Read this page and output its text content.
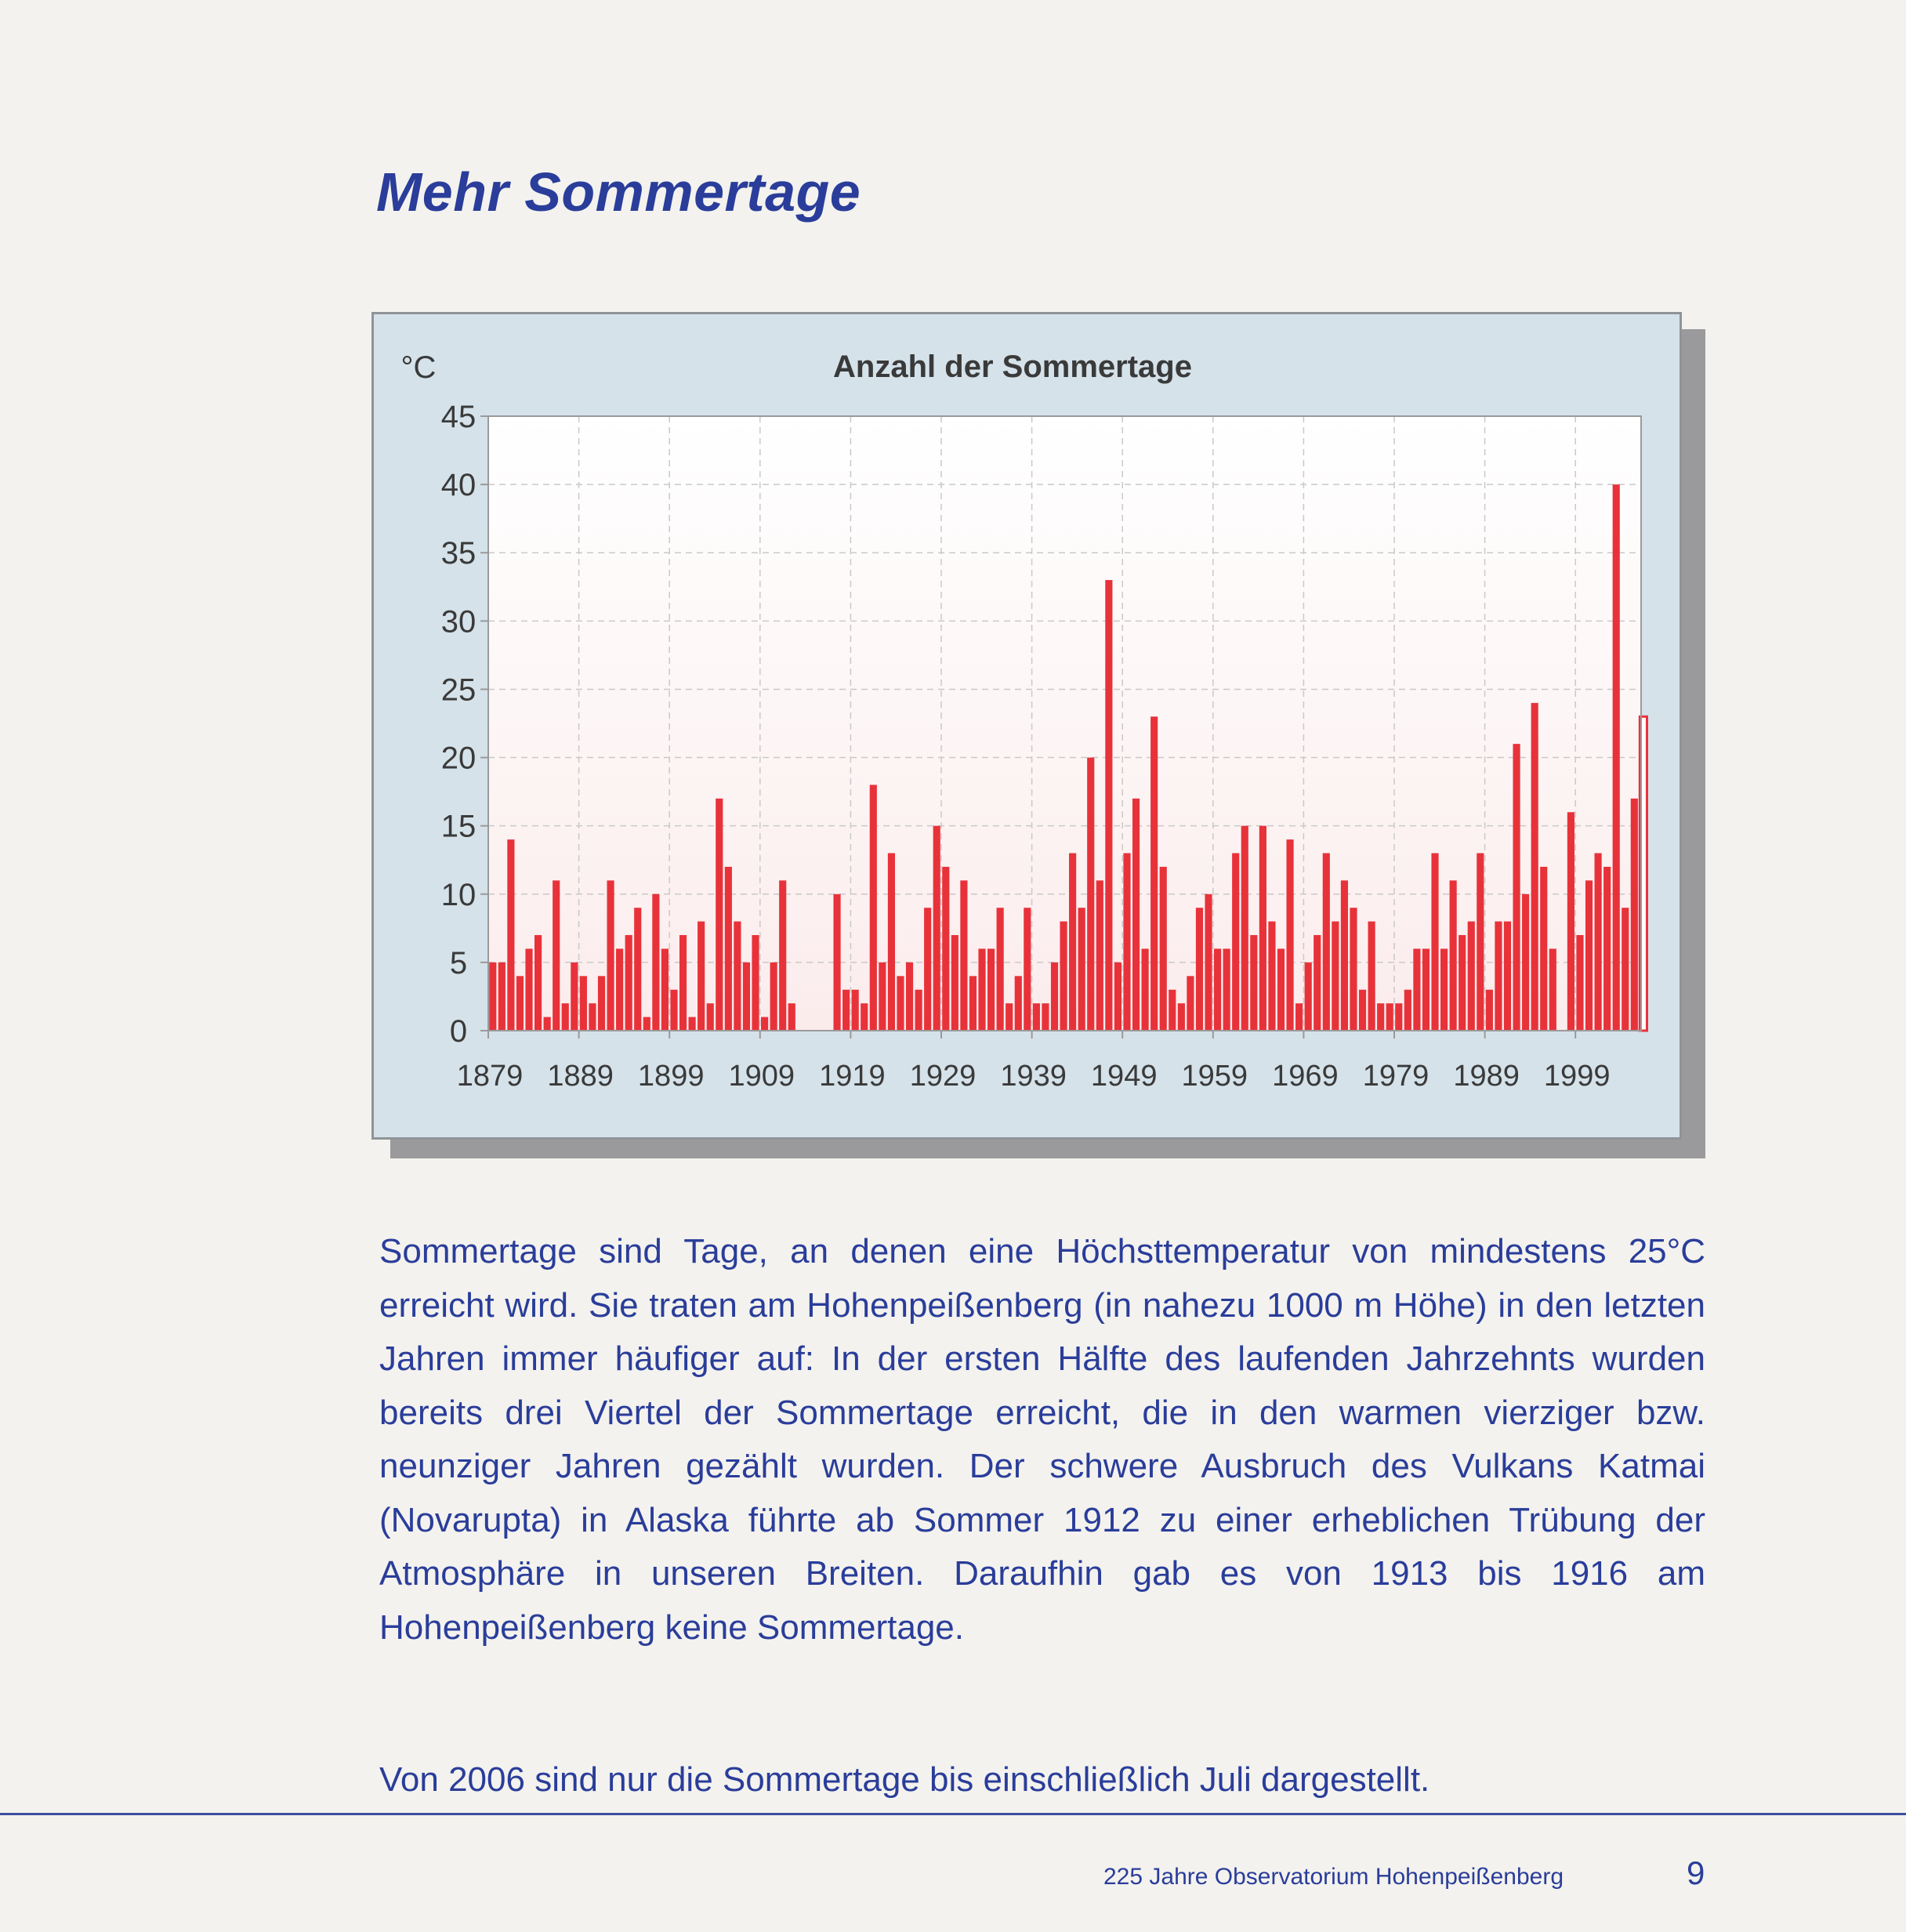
Mehr Sommertage
0
5
10
15
20
25
30
35
40
45
1879 1889 1899 1909 1919 1929 1939 1949 1959 1969 1979 1989 1999
Anzahl der Sommertage
°C
Sommertage sind Tage, an denen eine Höchsttemperatur von mindestens 25°C erreicht wird. Sie traten am Hohenpeißenberg (in nahezu 1000 m Höhe) in den letzten Jahren immer häufiger auf: In der ersten Hälfte des laufenden Jahrzehnts wurden bereits drei Viertel der Sommertage erreicht, die in den warmen vierziger bzw. neunziger Jahren gezählt wurden. Der schwere Ausbruch des Vulkans Katmai (Novarupta) in Alaska führte ab Sommer 1912 zu einer erheblichen Trübung der Atmosphäre in unseren Breiten. Daraufhin gab es von 1913 bis 1916 am Hohenpeißenberg keine Sommertage.
Von 2006 sind nur die Sommertage bis einschließlich Juli dargestellt.
225 Jahre Observatorium Hohenpeißenberg	9
